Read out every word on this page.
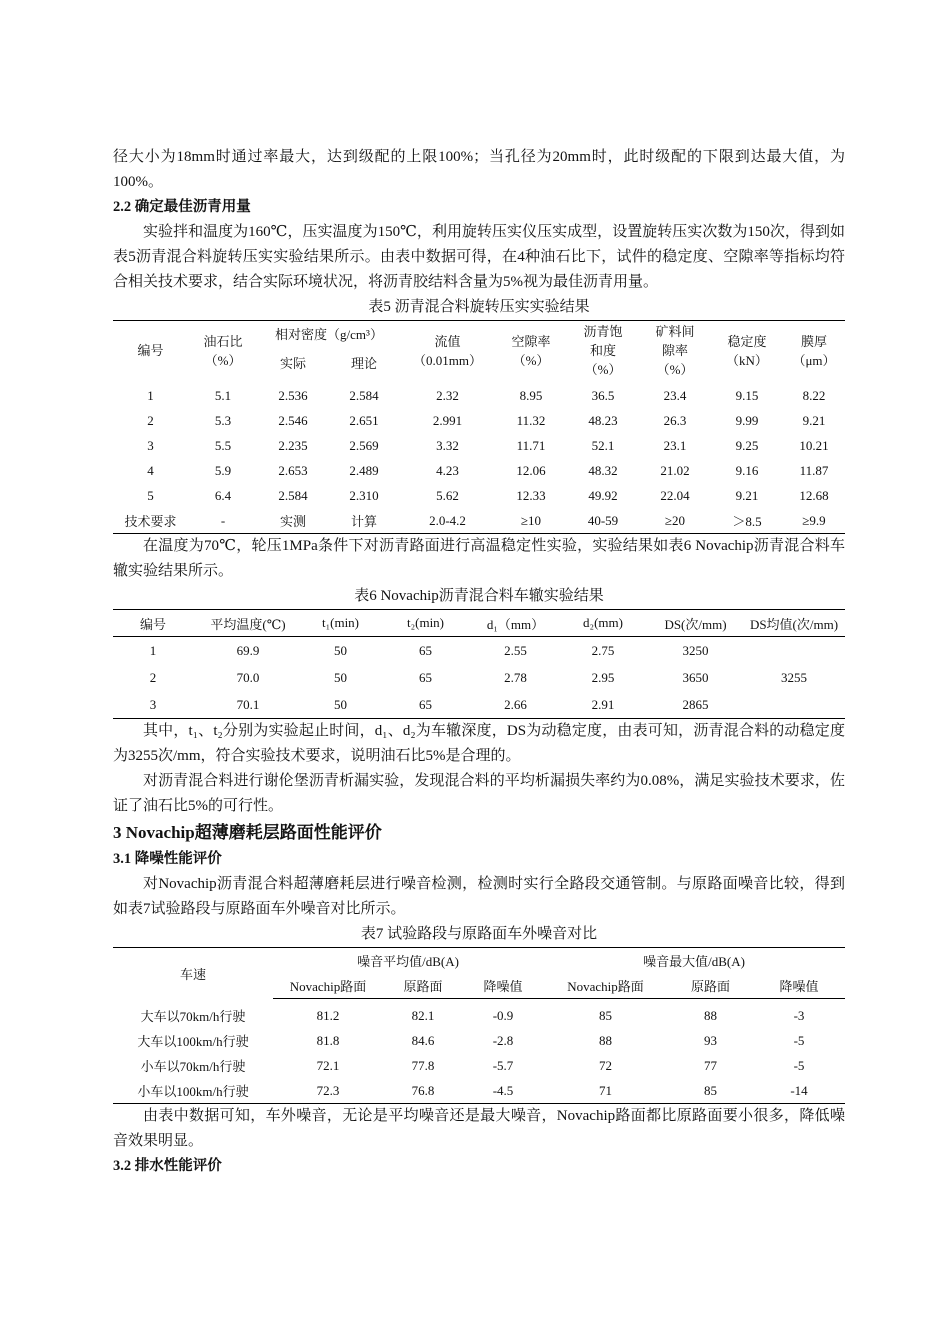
径大小为18mm时通过率最大，达到级配的上限100%；当孔径为20mm时，此时级配的下限到达最大值，为100%。

2.2 确定最佳沥青用量

实验拌和温度为160℃，压实温度为150℃，利用旋转压实仪压实成型，设置旋转压实次数为150次，得到如表5沥青混合料旋转压实实验结果所示。由表中数据可得，在4种油石比下，试件的稳定度、空隙率等指标均符合相关技术要求，结合实际环境状况，将沥青胶结料含量为5%视为最佳沥青用量。

表5 沥青混合料旋转压实实验结果
编号	油石比
（%）	相对密度（g/cm³）		流值
（0.01mm）	空隙率
（%）	沥青饱
和度
（%）	矿料间
隙率
（%）	稳定度
（kN）	膜厚
（μm）

		实际	理论						

1	5.1	2.536	2.584	2.32	8.95	36.5	23.4	9.15	8.22
2	5.3	2.546	2.651	2.991	11.32	48.23	26.3	9.99	9.21
3	5.5	2.235	2.569	3.32	11.71	52.1	23.1	9.25	10.21
4	5.9	2.653	2.489	4.23	12.06	48.32	21.02	9.16	11.87
5	6.4	2.584	2.310	5.62	12.33	49.92	22.04	9.21	12.68
技术要求	-	实测	计算	2.0-4.2	≥10	40-59	≥20	＞8.5	≥9.9

在温度为70℃，轮压1MPa条件下对沥青路面进行高温稳定性实验，实验结果如表6 Novachip沥青混合料车辙实验结果所示。

表6 Novachip沥青混合料车辙实验结果
编号	平均温度(℃)	t₁(min)	t₂(min)	d₁（mm）	d₂(mm)	DS(次/mm)	DS均值(次/mm)
1	69.9	50	65	2.55	2.75	3250	3255
2	70.0	50	65	2.78	2.95	3650	
3	70.1	50	65	2.66	2.91	2865	

其中，t₁、t₂分别为实验起止时间，d₁、d₂为车辙深度，DS为动稳定度，由表可知，沥青混合料的动稳定度为3255次/mm，符合实验技术要求，说明油石比5%是合理的。

对沥青混合料进行谢伦堡沥青析漏实验，发现混合料的平均析漏损失率约为0.08%，满足实验技术要求，佐证了油石比5%的可行性。

3 Novachip超薄磨耗层路面性能评价
3.1 降噪性能评价

对Novachip沥青混合料超薄磨耗层进行噪音检测，检测时实行全路段交通管制。与原路面噪音比较，得到如表7试验路段与原路面车外噪音对比所示。

表7 试验路段与原路面车外噪音对比
车速	噪音平均值/dB(A)			噪音最大值/dB(A)		
	Novachip路面	原路面	降噪值	Novachip路面	原路面	降噪值

大车以70km/h行驶	81.2	82.1	-0.9	85	88	-3
大车以100km/h行驶	81.8	84.6	-2.8	88	93	-5
小车以70km/h行驶	72.1	77.8	-5.7	72	77	-5
小车以100km/h行驶	72.3	76.8	-4.5	71	85	-14

由表中数据可知，车外噪音，无论是平均噪音还是最大噪音，Novachip路面都比原路面要小很多，降低噪音效果明显。

3.2 排水性能评价
